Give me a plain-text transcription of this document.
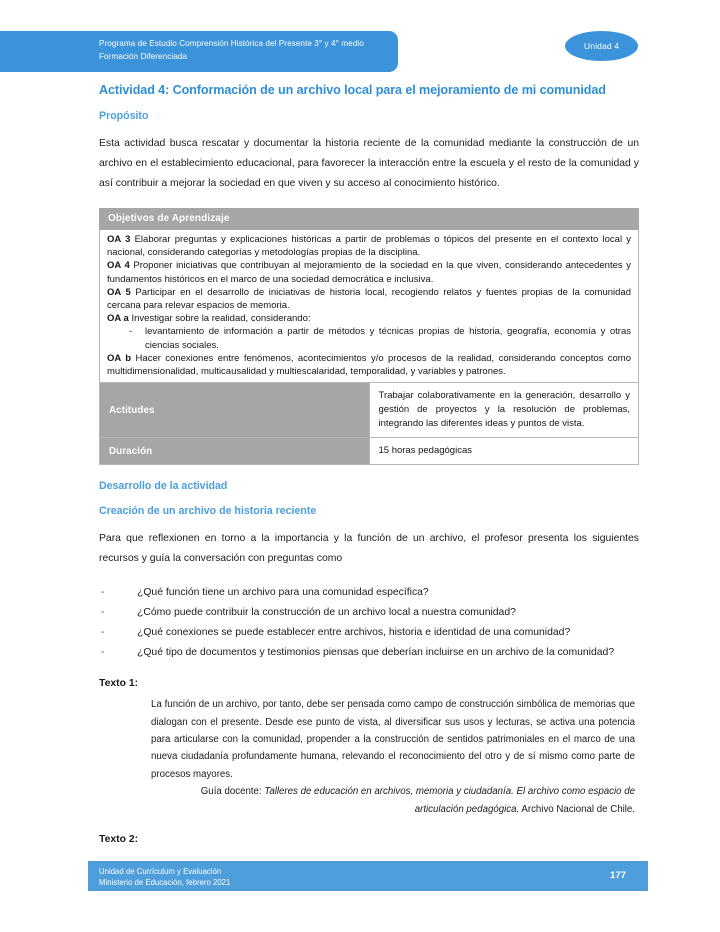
Programa de Estudio Comprensión Histórica del Presente 3° y 4° medio
Formación Diferenciada
Unidad 4
Actividad 4: Conformación de un archivo local para el mejoramiento de mi comunidad
Propósito

Esta actividad busca rescatar y documentar la historia reciente de la comunidad mediante la construcción de un archivo en el establecimiento educacional, para favorecer la interacción entre la escuela y el resto de la comunidad y así contribuir a mejorar la sociedad en que viven y su acceso al conocimiento histórico.

Objetivos de Aprendizaje	

OA 3 Elaborar preguntas y explicaciones históricas a partir de problemas o tópicos del presente en el contexto local y nacional, considerando categorías y metodologías propias de la disciplina.

OA 4 Proponer iniciativas que contribuyan al mejoramiento de la sociedad en la que viven, considerando antecedentes y fundamentos históricos en el marco de una sociedad democrática e inclusiva.

OA 5 Participar en el desarrollo de iniciativas de historia local, recogiendo relatos y fuentes propias de la comunidad cercana para relevar espacios de memoria.

OA a Investigar sobre la realidad, considerando:

- levantamiento de información a partir de métodos y técnicas propias de historia, geografía, economía y otras ciencias sociales.

OA b Hacer conexiones entre fenómenos, acontecimientos y/o procesos de la realidad, considerando conceptos como multidimensionalidad, multicausalidad y multiescalaridad, temporalidad, y variables y patrones.

Actitudes	Trabajar colaborativamente en la generación, desarrollo y gestión de proyectos y la resolución de problemas, integrando las diferentes ideas y puntos de vista.
Duración	15 horas pedagógicas
Desarrollo de la actividad
Creación de un archivo de historia reciente

Para que reflexionen en torno a la importancia y la función de un archivo, el profesor presenta los siguientes recursos y guía la conversación con preguntas como

-	¿Qué función tiene un archivo para una comunidad específica?
-	¿Cómo puede contribuir la construcción de un archivo local a nuestra comunidad?
-	¿Qué conexiones se puede establecer entre archivos, historia e identidad de una comunidad?
-	¿Qué tipo de documentos y testimonios piensas que deberían incluirse en un archivo de la comunidad?

Texto 1:

La función de un archivo, por tanto, debe ser pensada como campo de construcción simbólica de memorias que dialogan con el presente. Desde ese punto de vista, al diversificar sus usos y lecturas, se activa una potencia para articularse con la comunidad, propender a la construcción de sentidos patrimoniales en el marco de una nueva ciudadanía profundamente humana, relevando el reconocimiento del otro y de sí mismo como parte de procesos mayores.

Guía docente: Talleres de educación en archivos, memoria y ciudadanía. El archivo como espacio de articulación pedagógica. Archivo Nacional de Chile.

Texto 2:

Unidad de Currículum y Evaluación
Ministerio de Educación, febrero 2021
177
